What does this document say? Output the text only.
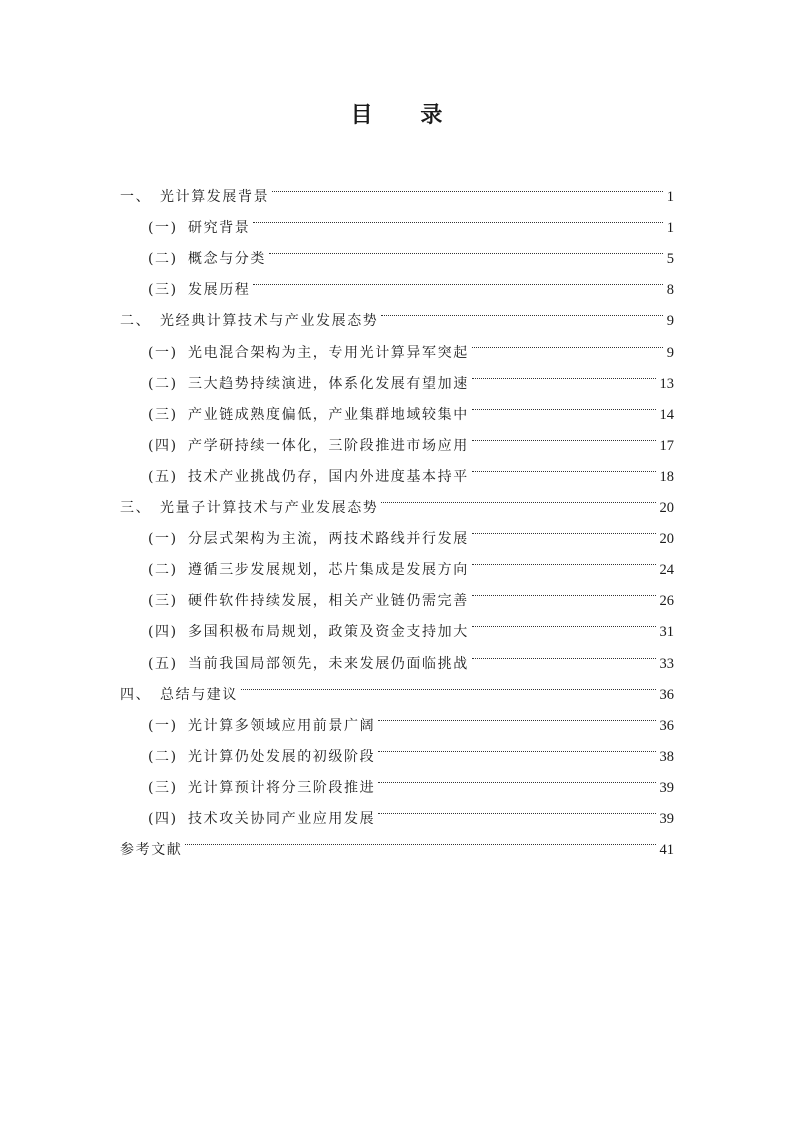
目 录
一、 光计算发展背景	1
(一) 研究背景	1
(二) 概念与分类	5
(三) 发展历程	8
二、 光经典计算技术与产业发展态势	9
(一) 光电混合架构为主，专用光计算异军突起	9
(二) 三大趋势持续演进，体系化发展有望加速	13
(三) 产业链成熟度偏低，产业集群地域较集中	14
(四) 产学研持续一体化，三阶段推进市场应用	17
(五) 技术产业挑战仍存，国内外进度基本持平	18
三、 光量子计算技术与产业发展态势	20
(一) 分层式架构为主流，两技术路线并行发展	20
(二) 遵循三步发展规划，芯片集成是发展方向	24
(三) 硬件软件持续发展，相关产业链仍需完善	26
(四) 多国积极布局规划，政策及资金支持加大	31
(五) 当前我国局部领先，未来发展仍面临挑战	33
四、 总结与建议	36
(一) 光计算多领域应用前景广阔	36
(二) 光计算仍处发展的初级阶段	38
(三) 光计算预计将分三阶段推进	39
(四) 技术攻关协同产业应用发展	39
参考文献	41
